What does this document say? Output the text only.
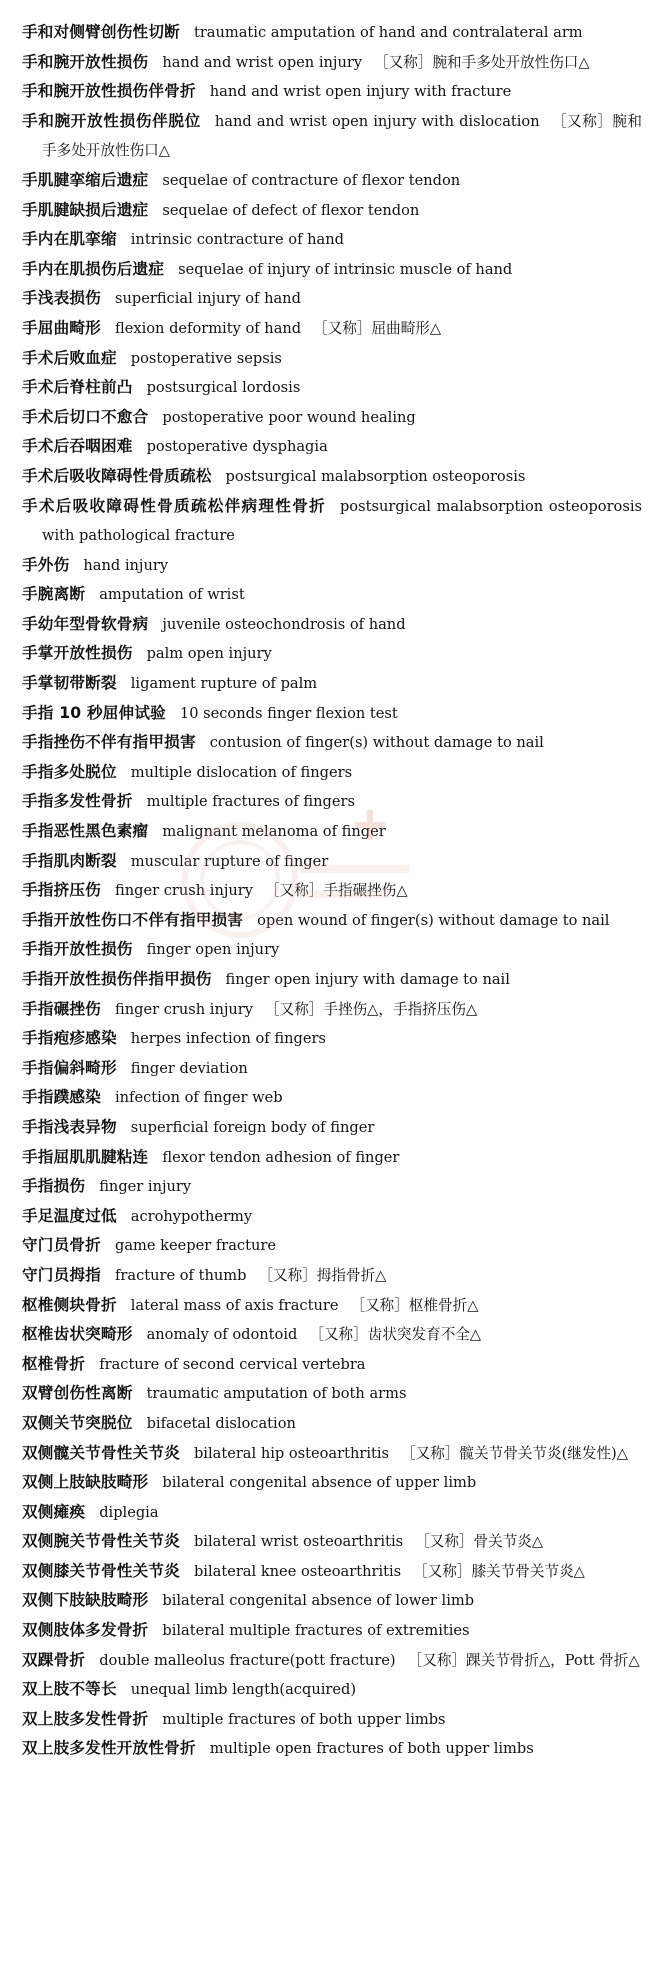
手和对侧臂创伤性切断 traumatic amputation of hand and contralateral arm
手和腕开放性损伤 hand and wrist open injury ［又称］腕和手多处开放性伤口△
手和腕开放性损伤伴骨折 hand and wrist open injury with fracture
手和腕开放性损伤伴脱位 hand and wrist open injury with dislocation ［又称］腕和手多处开放性伤口△
手肌腱挛缩后遗症 sequelae of contracture of flexor tendon
手肌腱缺损后遗症 sequelae of defect of flexor tendon
手内在肌挛缩 intrinsic contracture of hand
手内在肌损伤后遗症 sequelae of injury of intrinsic muscle of hand
手浅表损伤 superficial injury of hand
手屈曲畸形 flexion deformity of hand ［又称］屈曲畸形△
手术后败血症 postoperative sepsis
手术后脊柱前凸 postsurgical lordosis
手术后切口不愈合 postoperative poor wound healing
手术后吞咽困难 postoperative dysphagia
手术后吸收障碍性骨质疏松 postsurgical malabsorption osteoporosis
手术后吸收障碍性骨质疏松伴病理性骨折 postsurgical malabsorption osteoporosis with pathological fracture
手外伤 hand injury
手腕离断 amputation of wrist
手幼年型骨软骨病 juvenile osteochondrosis of hand
手掌开放性损伤 palm open injury
手掌韧带断裂 ligament rupture of palm
手指 10 秒屈伸试验 10 seconds finger flexion test
手指挫伤不伴有指甲损害 contusion of finger(s) without damage to nail
手指多处脱位 multiple dislocation of fingers
手指多发性骨折 multiple fractures of fingers
手指恶性黑色素瘤 malignant melanoma of finger
手指肌肉断裂 muscular rupture of finger
手指挤压伤 finger crush injury ［又称］手指碾挫伤△
手指开放性伤口不伴有指甲损害 open wound of finger(s) without damage to nail
手指开放性损伤 finger open injury
手指开放性损伤伴指甲损伤 finger open injury with damage to nail
手指碾挫伤 finger crush injury ［又称］手挫伤△，手指挤压伤△
手指疱疹感染 herpes infection of fingers
手指偏斜畸形 finger deviation
手指蹼感染 infection of finger web
手指浅表异物 superficial foreign body of finger
手指屈肌肌腱粘连 flexor tendon adhesion of finger
手指损伤 finger injury
手足温度过低 acrohypothermy
守门员骨折 game keeper fracture
守门员拇指 fracture of thumb ［又称］拇指骨折△
枢椎侧块骨折 lateral mass of axis fracture ［又称］枢椎骨折△
枢椎齿状突畸形 anomaly of odontoid ［又称］齿状突发育不全△
枢椎骨折 fracture of second cervical vertebra
双臂创伤性离断 traumatic amputation of both arms
双侧关节突脱位 bifacetal dislocation
双侧髋关节骨性关节炎 bilateral hip osteoarthritis ［又称］髋关节骨关节炎(继发性)△
双侧上肢缺肢畸形 bilateral congenital absence of upper limb
双侧瘫痪 diplegia
双侧腕关节骨性关节炎 bilateral wrist osteoarthritis ［又称］骨关节炎△
双侧膝关节骨性关节炎 bilateral knee osteoarthritis ［又称］膝关节骨关节炎△
双侧下肢缺肢畸形 bilateral congenital absence of lower limb
双侧肢体多发骨折 bilateral multiple fractures of extremities
双踝骨折 double malleolus fracture(pott fracture) ［又称］踝关节骨折△，Pott 骨折△
双上肢不等长 unequal limb length(acquired)
双上肢多发性骨折 multiple fractures of both upper limbs
双上肢多发性开放性骨折 multiple open fractures of both upper limbs
